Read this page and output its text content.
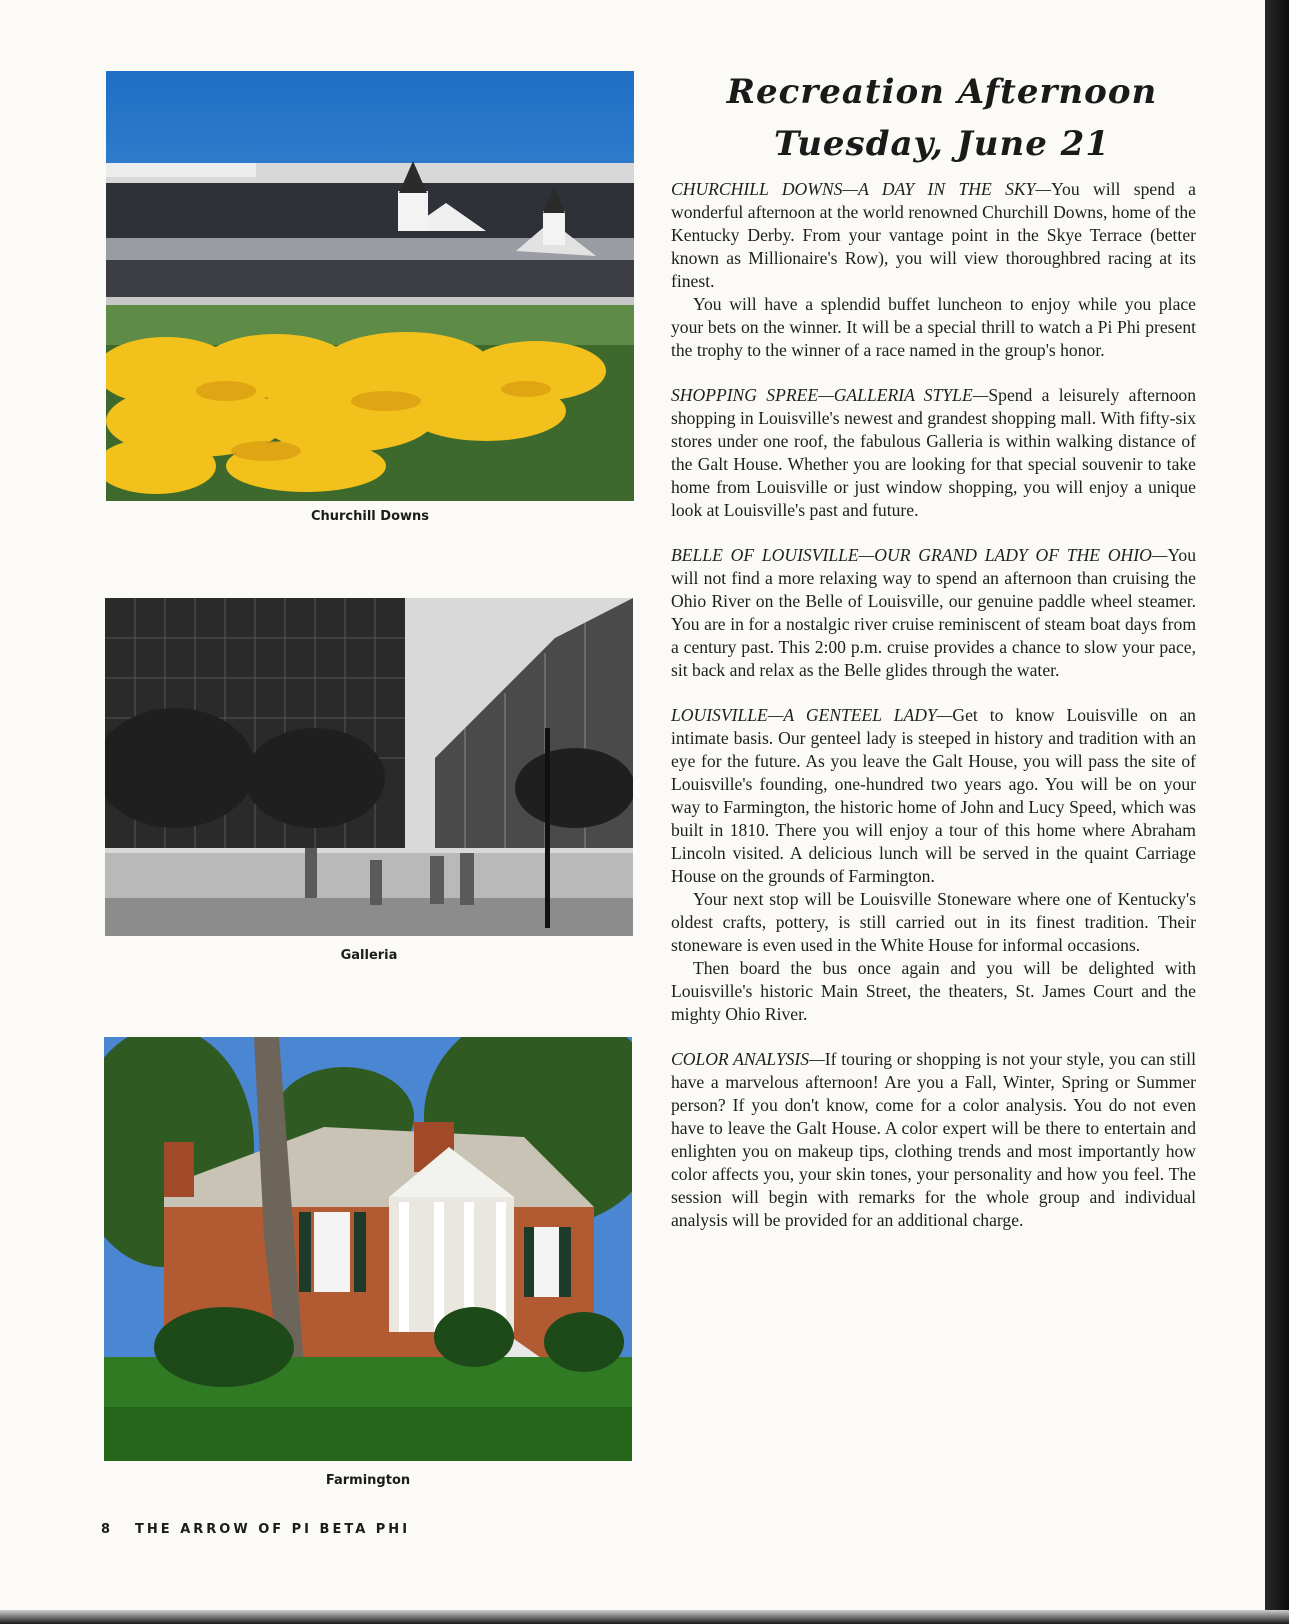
Churchill Downs
Galleria
Farmington
Recreation Afternoon
Tuesday, June 21

CHURCHILL DOWNS—A DAY IN THE SKY—You will spend a wonderful afternoon at the world renowned Churchill Downs, home of the Kentucky Derby. From your vantage point in the Skye Terrace (better known as Millionaire's Row), you will view thoroughbred racing at its finest.

You will have a splendid buffet luncheon to enjoy while you place your bets on the winner. It will be a special thrill to watch a Pi Phi present the trophy to the winner of a race named in the group's honor.

SHOPPING SPREE—GALLERIA STYLE—Spend a leisurely afternoon shopping in Louisville's newest and grandest shopping mall. With fifty-six stores under one roof, the fabulous Galleria is within walking distance of the Galt House. Whether you are looking for that special souvenir to take home from Louisville or just window shopping, you will enjoy a unique look at Louisville's past and future.

BELLE OF LOUISVILLE—OUR GRAND LADY OF THE OHIO—You will not find a more relaxing way to spend an afternoon than cruising the Ohio River on the Belle of Louisville, our genuine paddle wheel steamer. You are in for a nostalgic river cruise reminiscent of steam boat days from a century past. This 2:00 p.m. cruise provides a chance to slow your pace, sit back and relax as the Belle glides through the water.

LOUISVILLE—A GENTEEL LADY—Get to know Louisville on an intimate basis. Our genteel lady is steeped in history and tradition with an eye for the future. As you leave the Galt House, you will pass the site of Louisville's founding, one-hundred two years ago. You will be on your way to Farmington, the historic home of John and Lucy Speed, which was built in 1810. There you will enjoy a tour of this home where Abraham Lincoln visited. A delicious lunch will be served in the quaint Carriage House on the grounds of Farmington.

Your next stop will be Louisville Stoneware where one of Kentucky's oldest crafts, pottery, is still carried out in its finest tradition. Their stoneware is even used in the White House for informal occasions.

Then board the bus once again and you will be delighted with Louisville's historic Main Street, the theaters, St. James Court and the mighty Ohio River.

COLOR ANALYSIS—If touring or shopping is not your style, you can still have a marvelous afternoon! Are you a Fall, Winter, Spring or Summer person? If you don't know, come for a color analysis. You do not even have to leave the Galt House. A color expert will be there to entertain and enlighten you on makeup tips, clothing trends and most importantly how color affects you, your skin tones, your personality and how you feel. The session will begin with remarks for the whole group and individual analysis will be provided for an additional charge.

8 THE ARROW OF PI BETA PHI
